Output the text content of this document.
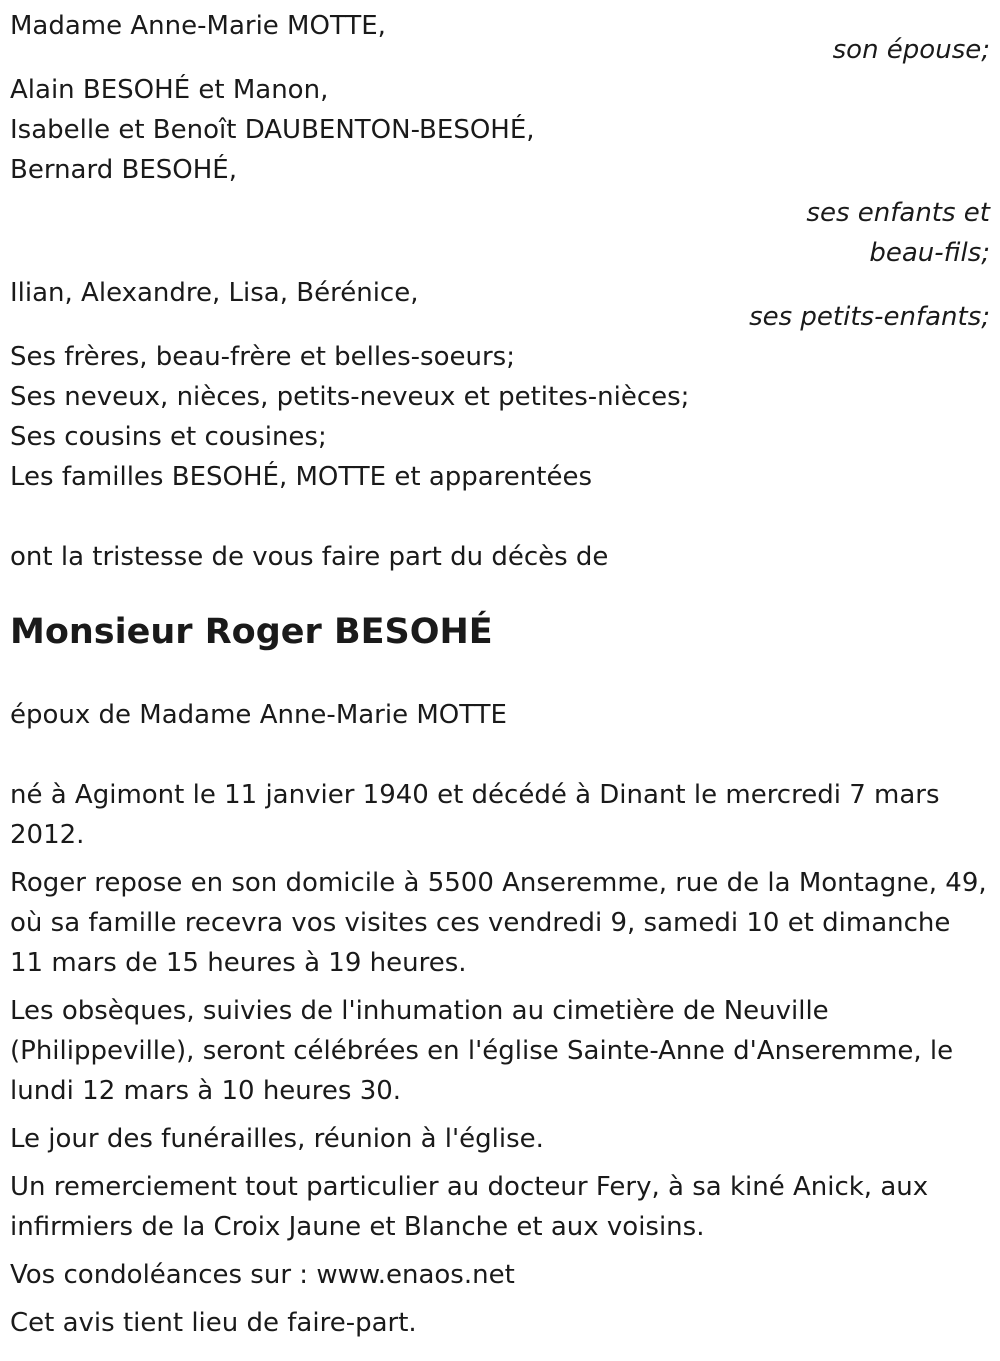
Madame Anne-Marie MOTTE,
son épouse;
Alain BESOHÉ et Manon,
Isabelle et Benoît DAUBENTON-BESOHÉ,
Bernard BESOHÉ,
ses enfants et
beau-fils;
Ilian, Alexandre, Lisa, Bérénice,
ses petits-enfants;
Ses frères, beau-frère et belles-soeurs;
Ses neveux, nièces, petits-neveux et petites-nièces;
Ses cousins et cousines;
Les familles BESOHÉ, MOTTE et apparentées
ont la tristesse de vous faire part du décès de
Monsieur Roger BESOHÉ
époux de Madame Anne-Marie MOTTE

né à Agimont le 11 janvier 1940 et décédé à Dinant le mercredi 7 mars 2012.

Roger repose en son domicile à 5500 Anseremme, rue de la Montagne, 49, où sa famille recevra vos visites ces vendredi 9, samedi 10 et dimanche 11 mars de 15 heures à 19 heures.

Les obsèques, suivies de l'inhumation au cimetière de Neuville (Philippeville), seront célébrées en l'église Sainte-Anne d'Anseremme, le lundi 12 mars à 10 heures 30.

Le jour des funérailles, réunion à l'église.

Un remerciement tout particulier au docteur Fery, à sa kiné Anick, aux infirmiers de la Croix Jaune et Blanche et aux voisins.

Vos condoléances sur : www.enaos.net

Cet avis tient lieu de faire-part.
